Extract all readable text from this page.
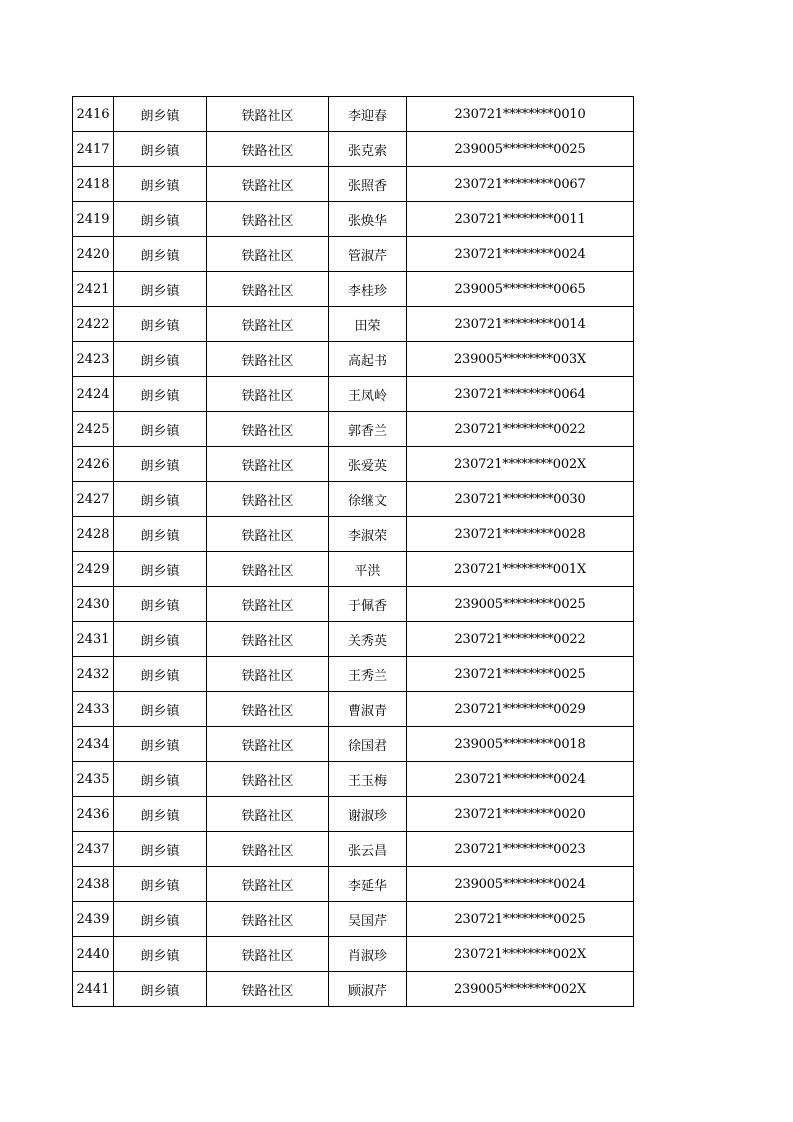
2416	朗乡镇	铁路社区	李迎春	230721********0010
2417	朗乡镇	铁路社区	张克索	239005********0025
2418	朗乡镇	铁路社区	张照香	230721********0067
2419	朗乡镇	铁路社区	张焕华	230721********0011
2420	朗乡镇	铁路社区	管淑芹	230721********0024
2421	朗乡镇	铁路社区	李桂珍	239005********0065
2422	朗乡镇	铁路社区	田荣	230721********0014
2423	朗乡镇	铁路社区	高起书	239005********003X
2424	朗乡镇	铁路社区	王凤岭	230721********0064
2425	朗乡镇	铁路社区	郭香兰	230721********0022
2426	朗乡镇	铁路社区	张爱英	230721********002X
2427	朗乡镇	铁路社区	徐继文	230721********0030
2428	朗乡镇	铁路社区	李淑荣	230721********0028
2429	朗乡镇	铁路社区	平洪	230721********001X
2430	朗乡镇	铁路社区	于佩香	239005********0025
2431	朗乡镇	铁路社区	关秀英	230721********0022
2432	朗乡镇	铁路社区	王秀兰	230721********0025
2433	朗乡镇	铁路社区	曹淑青	230721********0029
2434	朗乡镇	铁路社区	徐国君	239005********0018
2435	朗乡镇	铁路社区	王玉梅	230721********0024
2436	朗乡镇	铁路社区	谢淑珍	230721********0020
2437	朗乡镇	铁路社区	张云昌	230721********0023
2438	朗乡镇	铁路社区	李延华	239005********0024
2439	朗乡镇	铁路社区	吴国芹	230721********0025
2440	朗乡镇	铁路社区	肖淑珍	230721********002X
2441	朗乡镇	铁路社区	顾淑芹	239005********002X
